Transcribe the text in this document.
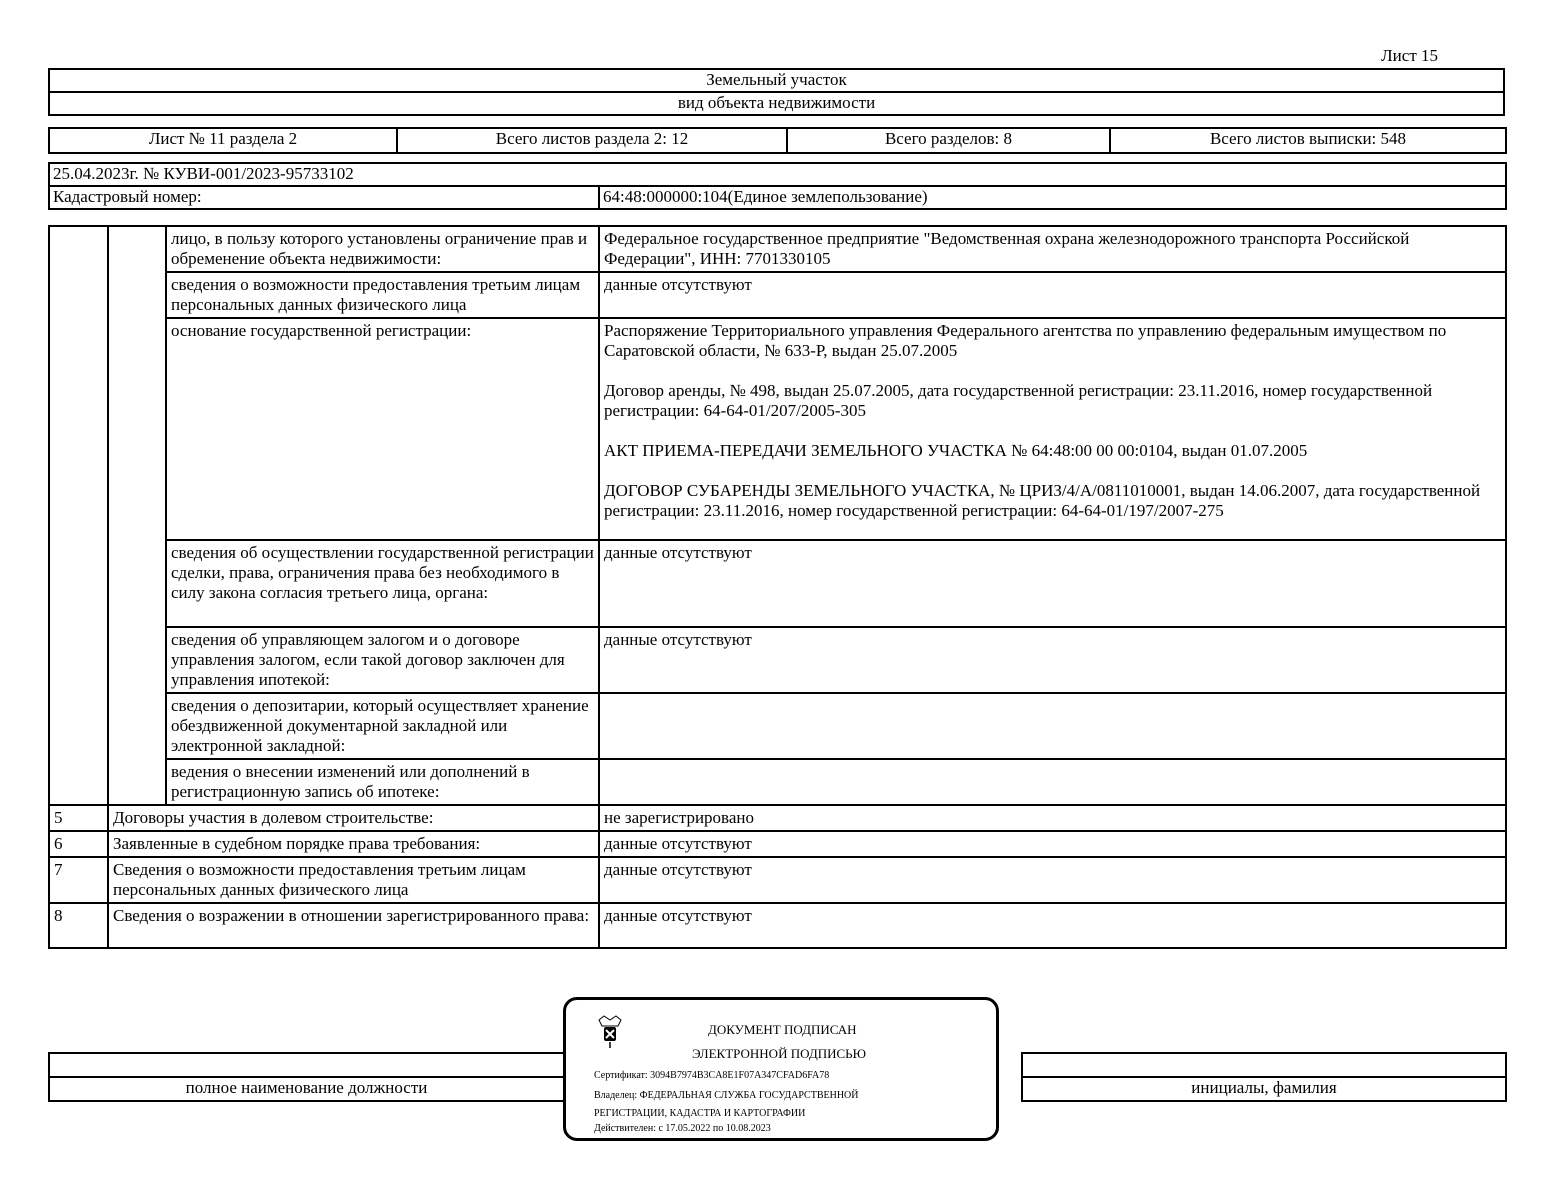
Лист 15
Земельный участок
вид объекта недвижимости
Лист № 11 раздела 2	Всего листов раздела 2: 12	Всего разделов: 8	Всего листов выписки: 548
25.04.2023г. № КУВИ-001/2023-95733102
Кадастровый номер:	64:48:000000:104(Единое землепользование)
		лицо, в пользу которого установлены ограничение прав и обременение объекта недвижимости:	Федеральное государственное предприятие "Ведомственная охрана железнодорожного транспорта Российской Федерации", ИНН: 7701330105
		сведения о возможности предоставления третьим лицам персональных данных физического лица	данные отсутствуют
		основание государственной регистрации:	Распоряжение Территориального управления Федерального агентства по управлению федеральным имуществом по Саратовской области, № 633-Р, выдан 25.07.2005
Договор аренды, № 498, выдан 25.07.2005, дата государственной регистрации: 23.11.2016, номер государственной регистрации: 64-64-01/207/2005-305
АКТ ПРИЕМА-ПЕРЕДАЧИ ЗЕМЕЛЬНОГО УЧАСТКА № 64:48:00 00 00:0104, выдан 01.07.2005
ДОГОВОР СУБАРЕНДЫ ЗЕМЕЛЬНОГО УЧАСТКА, № ЦРИЗ/4/А/0811010001, выдан 14.06.2007, дата государственной регистрации: 23.11.2016, номер государственной регистрации: 64-64-01/197/2007-275

		сведения об осуществлении государственной регистрации сделки, права, ограничения права без необходимого в силу закона согласия третьего лица, органа:	данные отсутствуют
		сведения об управляющем залогом и о договоре управления залогом, если такой договор заключен для управления ипотекой:	данные отсутствуют
		сведения о депозитарии, который осуществляет хранение обездвиженной документарной закладной или электронной закладной:	
		ведения о внесении изменений или дополнений в регистрационную запись об ипотеке:	
5	Договоры участия в долевом строительстве:		не зарегистрировано
6	Заявленные в судебном порядке права требования:		данные отсутствуют
7	Сведения о возможности предоставления третьим лицам персональных данных физического лица		данные отсутствуют
8	Сведения о возражении в отношении зарегистрированного права:		данные отсутствуют

полное наименование должности		инициалы, фамилия
ДОКУМЕНТ ПОДПИСАН
ЭЛЕКТРОННОЙ ПОДПИСЬЮ
Сертификат: 3094B7974B3CA8E1F07A347CFAD6FA78
Владелец: ФЕДЕРАЛЬНАЯ СЛУЖБА ГОСУДАРСТВЕННОЙ
РЕГИСТРАЦИИ, КАДАСТРА И КАРТОГРАФИИ
Действителен: с 17.05.2022 по 10.08.2023
